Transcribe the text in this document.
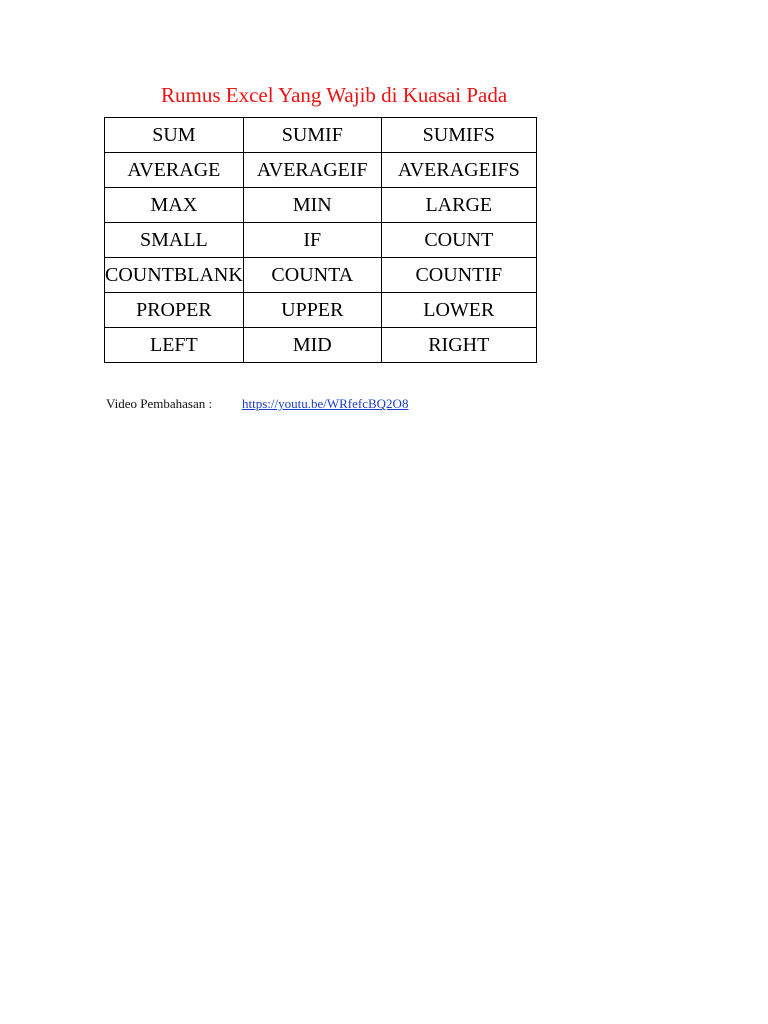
Rumus Excel Yang Wajib di Kuasai Pada
SUM	SUMIF	SUMIFS
AVERAGE	AVERAGEIF	AVERAGEIFS
MAX	MIN	LARGE
SMALL	IF	COUNT
COUNTBLANK	COUNTA	COUNTIF
PROPER	UPPER	LOWER
LEFT	MID	RIGHT
Video Pembahasan : https://youtu.be/WRfefcBQ2O8
